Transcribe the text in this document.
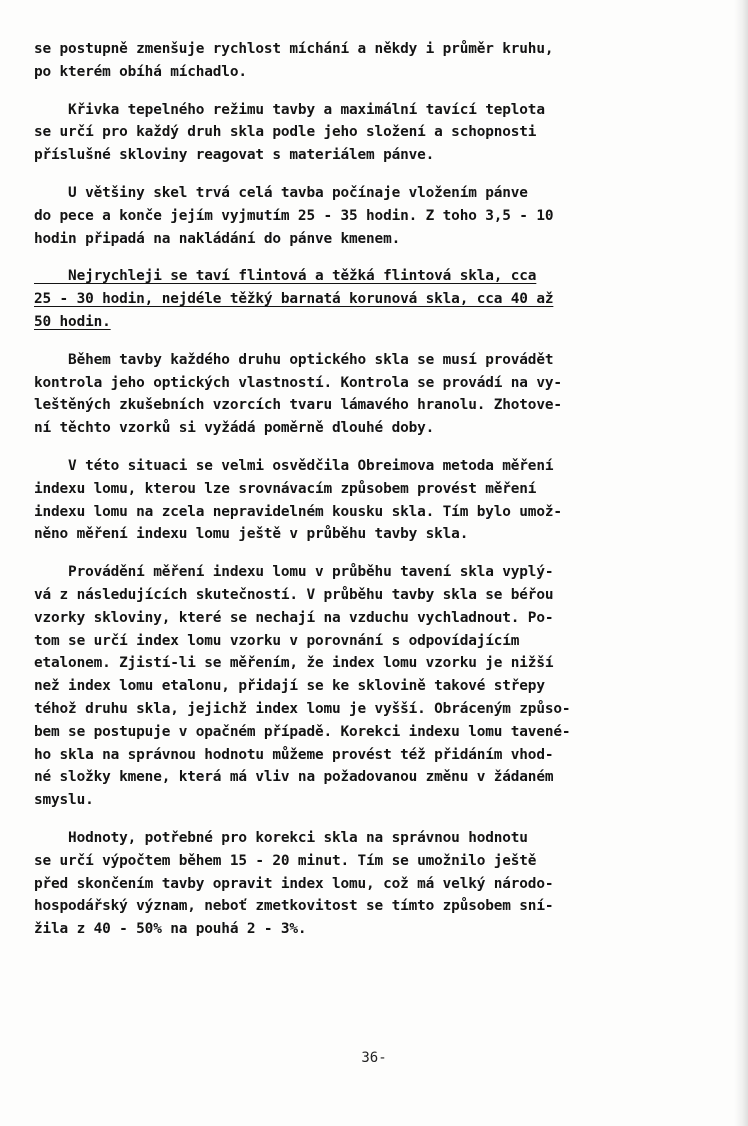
se postupně zmenšuje rychlost míchání a někdy i průměr kruhu,
po kterém obíhá míchadlo.
Křivka tepelného režimu tavby a maximální tavící teplota
se určí pro každý druh skla podle jeho složení a schopnosti
příslušné skloviny reagovat s materiálem pánve.
U většiny skel trvá celá tavba počínaje vložením pánve
do pece a konče jejím vyjmutím 25 - 35 hodin. Z toho 3,5 - 10
hodin připadá na nakládání do pánve kmenem.
Nejrychleji se taví flintová a těžká flintová skla, cca
25 - 30 hodin, nejdéle těžký barnatá korunová skla, cca 40 až
50 hodin.
Během tavby každého druhu optického skla se musí provádět
kontrola jeho optických vlastností. Kontrola se provádí na vy-
leštěných zkušebních vzorcích tvaru lámavého hranolu. Zhotove-
ní těchto vzorků si vyžádá poměrně dlouhé doby.
V této situaci se velmi osvědčila Obreimova metoda měření
indexu lomu, kterou lze srovnávacím způsobem provést měření
indexu lomu na zcela nepravidelném kousku skla. Tím bylo umož-
něno měření indexu lomu ještě v průběhu tavby skla.
Provádění měření indexu lomu v průběhu tavení skla vyplý-
vá z následujících skutečností. V průběhu tavby skla se béřou
vzorky skloviny, které se nechají na vzduchu vychladnout. Po-
tom se určí index lomu vzorku v porovnání s odpovídajícím
etalonem. Zjistí-li se měřením, že index lomu vzorku je nižší
než index lomu etalonu, přidají se ke sklovině takové střepy
téhož druhu skla, jejichž index lomu je vyšší. Obráceným způso-
bem se postupuje v opačném případě. Korekci indexu lomu tavené-
ho skla na správnou hodnotu můžeme provést též přidáním vhod-
né složky kmene, která má vliv na požadovanou změnu v žádaném
smyslu.
Hodnoty, potřebné pro korekci skla na správnou hodnotu
se určí výpočtem během 15 - 20 minut. Tím se umožnilo ještě
před skončením tavby opravit index lomu, což má velký národo-
hospodářský význam, neboť zmetkovitost se tímto způsobem sní-
žila z 40 - 50% na pouhá 2 - 3%.
36-
